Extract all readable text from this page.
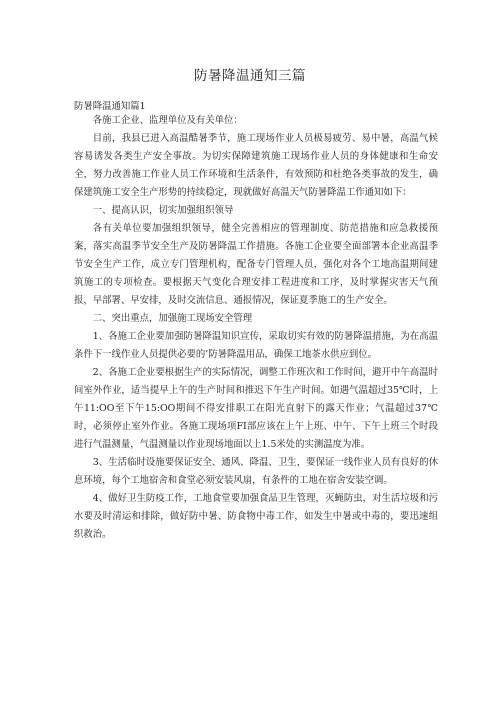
防暑降温通知三篇
防暑降温通知篇1

各施工企业、监理单位及有关单位：

目前，我县已进入高温酷暑季节，施工现场作业人员极易疲劳、易中暑，高温气候容易诱发各类生产安全事故。为切实保障建筑施工现场作业人员的身体健康和生命安全，努力改善施工作业人员工作环境和生活条件，有效预防和杜绝各类事故的发生，确保建筑施工安全生产形势的持续稳定，现就做好高温天气防暑降温工作通知如下：

一、提高认识，切实加强组织领导

各有关单位要加强组织领导，健全完善相应的管理制度、防范措施和应急救援预案，落实高温季节安全生产及防暑降温工作措施。各施工企业要全面部署本企业高温季节安全生产工作，成立专门管理机构，配备专门管理人员，强化对各个工地高温期间建筑施工的专项检查。要根据天气变化合理安排工程进度和工序，及时掌握灾害天气预报，早部署、早安排，及时交流信息、通报情况，保证夏季施工的生产安全。

二、突出重点，加强施工现场安全管理

1、各施工企业要加强防暑降温知识宣传，采取切实有效的防暑降温措施，为在高温条件下一线作业人员提供必要的’防暑降温用品，确保工地茶水供应到位。

2、各施工企业要根据生产的实际情况，调整工作班次和工作时间，避开中午高温时间室外作业，适当提早上午的生产时间和推迟下午生产时间。如遇气温超过35℃时，上午11:OO至下午15:OO期间不得安排职工在阳光直射下的露天作业；气温超过37℃时，必须停止室外作业。各施工现场项FI部应该在上午上班、中午、下午上班三个时段进行气温测量，气温测量以作业现场地面以上1.5米处的实测温度为准。

3、生活临时设施要保证安全、通风、降温、卫生，要保证一线作业人员有良好的休息环境，每个工地宿舍和食堂必须安装风扇，有条件的工地在宿舍安装空调。

4、做好卫生防疫工作，工地食堂要加强食品卫生管理，灭蝇防虫，对生活垃圾和污水要及时清运和排除，做好防中暑、防食物中毒工作，如发生中暑或中毒的，要迅速组织救治。
